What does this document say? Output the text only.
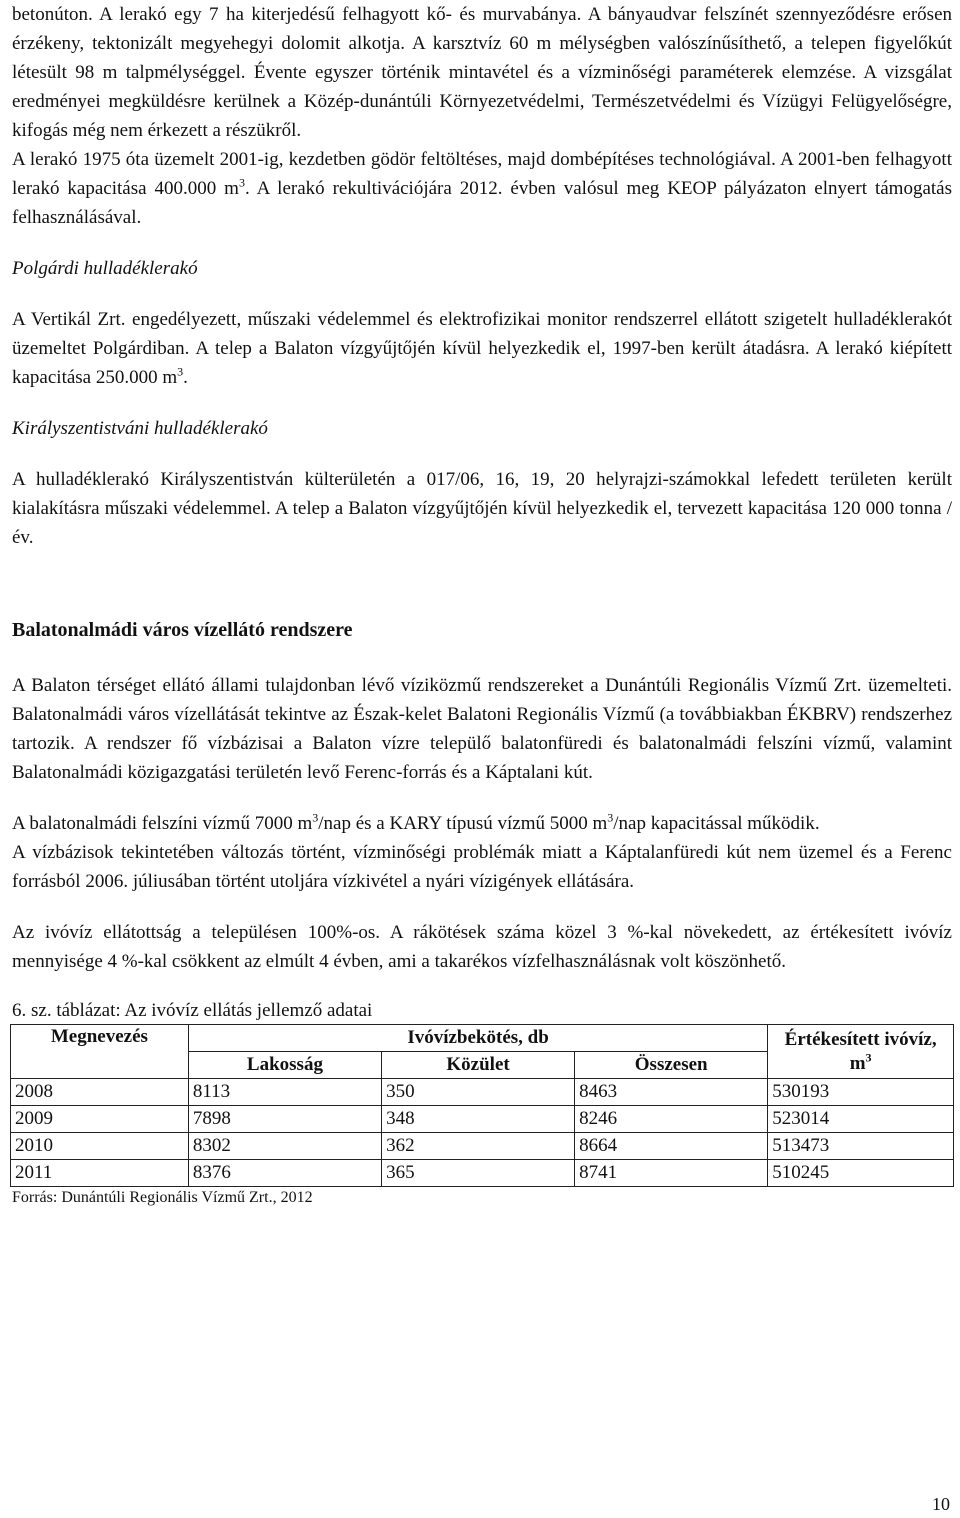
betonúton. A lerakó egy 7 ha kiterjedésű felhagyott kő- és murvabánya. A bányaudvar felszínét szennyeződésre erősen érzékeny, tektonizált megyehegyi dolomit alkotja. A karsztvíz 60 m mélységben valószínűsíthető, a telepen figyelőkút létesült 98 m talpmélységgel. Évente egyszer történik mintavétel és a vízminőségi paraméterek elemzése. A vizsgálat eredményei megküldésre kerülnek a Közép-dunántúli Környezetvédelmi, Természetvédelmi és Vízügyi Felügyelőségre, kifogás még nem érkezett a részükről.

A lerakó 1975 óta üzemelt 2001-ig, kezdetben gödör feltöltéses, majd dombépítéses technológiával. A 2001-ben felhagyott lerakó kapacitása 400.000 $m^3$. A lerakó rekultivációjára 2012. évben valósul meg KEOP pályázaton elnyert támogatás felhasználásával.

Polgárdi hulladéklerakó

A Vertikál Zrt. engedélyezett, műszaki védelemmel és elektrofizikai monitor rendszerrel ellátott szigetelt hulladéklerakót üzemeltet Polgárdiban. A telep a Balaton vízgyűjtőjén kívül helyezkedik el, 1997-ben került átadásra. A lerakó kiépített kapacitása 250.000 $m^3$.

Királyszentistváni hulladéklerakó

A hulladéklerakó Királyszentistván külterületén a 017/06, 16, 19, 20 helyrajzi-számokkal lefedett területen került kialakításra műszaki védelemmel. A telep a Balaton vízgyűjtőjén kívül helyezkedik el, tervezett kapacitása 120 000 tonna / év.

Balatonalmádi város vízellátó rendszere

A Balaton térséget ellátó állami tulajdonban lévő víziközmű rendszereket a Dunántúli Regionális Vízmű Zrt. üzemelteti. Balatonalmádi város vízellátását tekintve az Észak-kelet Balatoni Regionális Vízmű (a továbbiakban ÉKBRV) rendszerhez tartozik. A rendszer fő vízbázisai a Balaton vízre települő balatonfüredi és balatonalmádi felszíni vízmű, valamint Balatonalmádi közigazgatási területén levő Ferenc-forrás és a Káptalani kút.

A balatonalmádi felszíni vízmű 7000 $m^3$/nap és a KARY típusú vízmű 5000 $m^3$/nap kapacitással működik.

A vízbázisok tekintetében változás történt, vízminőségi problémák miatt a Káptalanfüredi kút nem üzemel és a Ferenc forrásból 2006. júliusában történt utoljára vízkivétel a nyári vízigények ellátására.

Az ivóvíz ellátottság a településen 100%-os. A rákötések száma közel 3 %-kal növekedett, az értékesített ivóvíz mennyisége 4 %-kal csökkent az elmúlt 4 évben, ami a takarékos vízfelhasználásnak volt köszönhető.

6. sz. táblázat: Az ivóvíz ellátás jellemző adatai

Megnevezés	Ivóvízbekötés, db			Értékesített ivóvíz, $m^3$
	Lakosság	Közület	Összesen	
2008	8113	350	8463	530193
2009	7898	348	8246	523014
2010	8302	362	8664	513473
2011	8376	365	8741	510245

Forrás: Dunántúli Regionális Vízmű Zrt., 2012

10
